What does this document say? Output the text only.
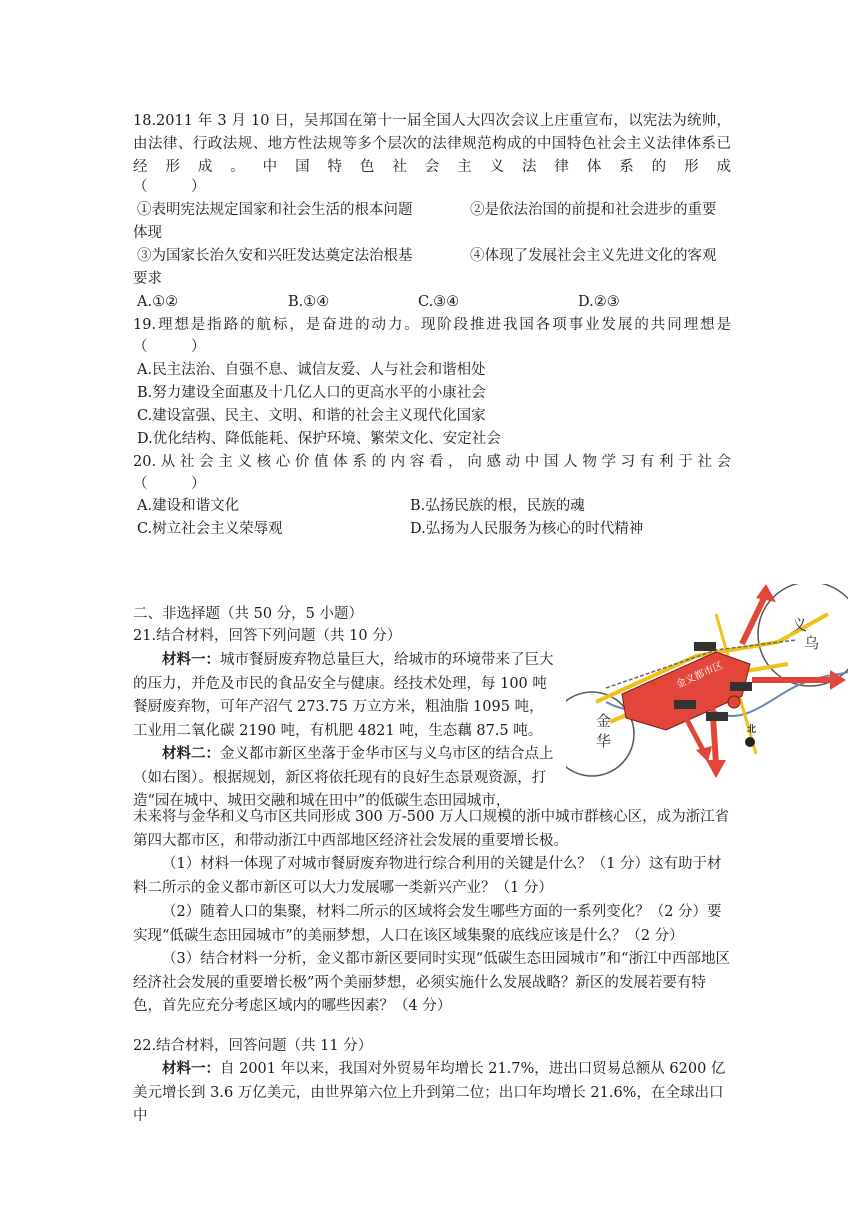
18.2011 年 3 月 10 日，吴邦国在第十一届全国人大四次会议上庄重宣布，以宪法为统帅，
由法律、行政法规、地方性法规等多个层次的法律规范构成的中国特色社会主义法律体系已
经 形 成 。 中 国 特 色 社 会 主 义 法 律 体 系 的 形 成
（　　　）
①表明宪法规定国家和社会生活的根本问题	②是依法治国的前提和社会进步的重要
体现
③为国家长治久安和兴旺发达奠定法治根基	④体现了发展社会主义先进文化的客观
要求
A.①②	B.①④	C.③④	D.②③
19.理想是指路的航标，是奋进的动力。现阶段推进我国各项事业发展的共同理想是
（　　　）
A.民主法治、自强不息、诚信友爱、人与社会和谐相处
B.努力建设全面惠及十几亿人口的更高水平的小康社会
C.建设富强、民主、文明、和谐的社会主义现代化国家
D.优化结构、降低能耗、保护环境、繁荣文化、安定社会
20. 从 社 会 主 义 核 心 价 值 体 系 的 内 容 看 ， 向 感 动 中 国 人 物 学 习 有 利 于 社 会
（　　　）
A.建设和谐文化	B.弘扬民族的根，民族的魂
C.树立社会主义荣辱观	D.弘扬为人民服务为核心的时代精神
二、非选择题（共 50 分，5 小题）
21.结合材料，回答下列问题（共 10 分）
材料一：城市餐厨废弃物总量巨大，给城市的环境带来了巨大的压力，并危及市民的食品安全与健康。经技术处理，每 100 吨餐厨废弃物，可年产沼气 273.75 万立方米，粗油脂 1095 吨，工业用二氧化碳 2190 吨，有机肥 4821 吨，生态藕 87.5 吨。
材料二：金义都市新区坐落于金华市区与义乌市区的结合点上（如右图）。根据规划，新区将依托现有的良好生态景观资源，打造“园在城中、城田交融和城在田中”的低碳生态田园城市，
未来将与金华和义乌市区共同形成 300 万-500 万人口规模的浙中城市群核心区，成为浙江省第四大都市区，和带动浙江中西部地区经济社会发展的重要增长极。
（1）材料一体现了对城市餐厨废弃物进行综合利用的关键是什么？（1 分）这有助于材料二所示的金义都市新区可以大力发展哪一类新兴产业？（1 分）
（2）随着人口的集聚，材料二所示的区域将会发生哪些方面的一系列变化？（2 分）要实现“低碳生态田园城市”的美丽梦想，人口在该区域集聚的底线应该是什么？（2 分）
（3）结合材料一分析，金义都市新区要同时实现“低碳生态田园城市”和“浙江中西部地区经济社会发展的重要增长极”两个美丽梦想，必须实施什么发展战略？新区的发展若要有特色，首先应充分考虑区域内的哪些因素？（4 分）
北
金义都市区
义乌
金华
22.结合材料，回答问题（共 11 分）
材料一：自 2001 年以来，我国对外贸易年均增长 21.7%，进出口贸易总额从 6200 亿美元增长到 3.6 万亿美元，由世界第六位上升到第二位；出口年均增长 21.6%，在全球出口中
